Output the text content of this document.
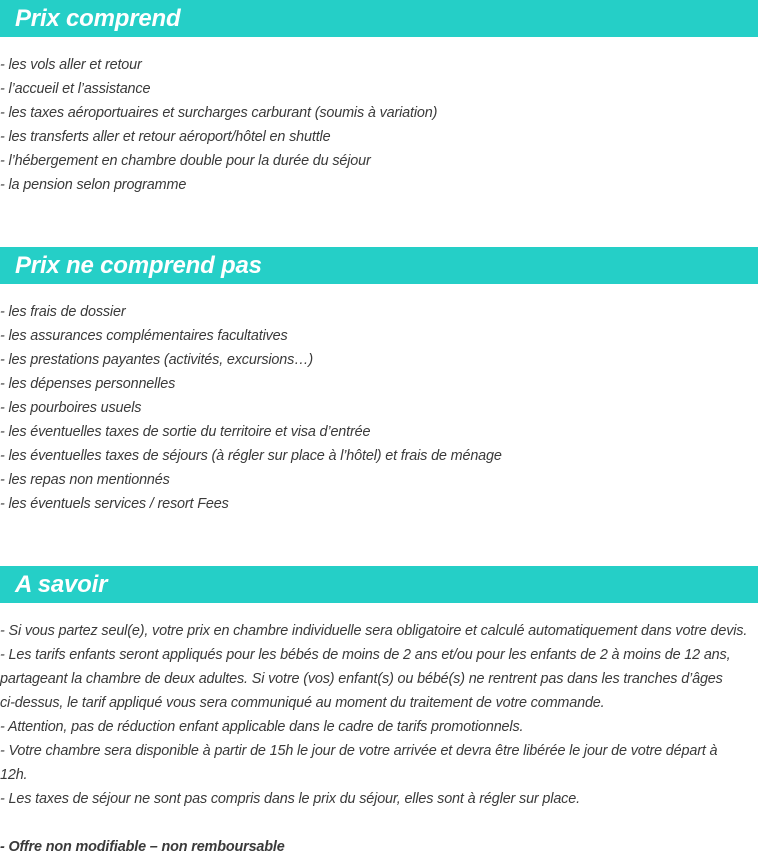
Prix comprend
- les vols aller et retour
- l’accueil et l’assistance
- les taxes aéroportuaires et surcharges carburant (soumis à variation)
- les transferts aller et retour aéroport/hôtel en shuttle
- l’hébergement en chambre double pour la durée du séjour
- la pension selon programme
Prix ne comprend pas
- les frais de dossier
- les assurances complémentaires facultatives
- les prestations payantes (activités, excursions…)
- les dépenses personnelles
- les pourboires usuels
- les éventuelles taxes de sortie du territoire et visa d’entrée
- les éventuelles taxes de séjours (à régler sur place à l’hôtel) et frais de ménage
- les repas non mentionnés
- les éventuels services / resort Fees
A savoir

- Si vous partez seul(e), votre prix en chambre individuelle sera obligatoire et calculé automatiquement dans votre devis.

- Les tarifs enfants seront appliqués pour les bébés de moins de 2 ans et/ou pour les enfants de 2 à moins de 12 ans, partageant la chambre de deux adultes. Si votre (vos) enfant(s) ou bébé(s) ne rentrent pas dans les tranches d’âges ci-dessus, le tarif appliqué vous sera communiqué au moment du traitement de votre commande.

- Attention, pas de réduction enfant applicable dans le cadre de tarifs promotionnels.

- Votre chambre sera disponible à partir de 15h le jour de votre arrivée et devra être libérée le jour de votre départ à 12h.

- Les taxes de séjour ne sont pas compris dans le prix du séjour, elles sont à régler sur place.

- Offre non modifiable – non remboursable
